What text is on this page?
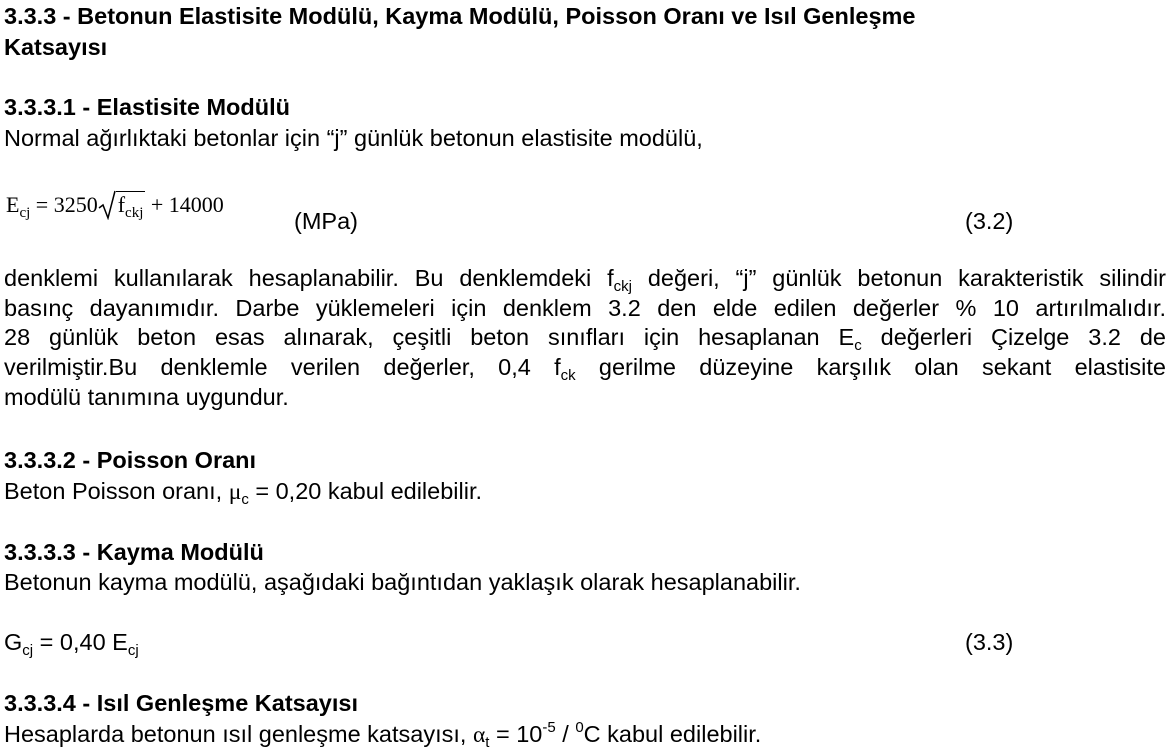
3.3.3 - Betonun Elastisite Modülü, Kayma Modülü, Poisson Oranı ve Isıl Genleşme
Katsayısı
3.3.3.1 - Elastisite Modülü
Normal ağırlıktaki betonlar için “j” günlük betonun elastisite modülü,
$E_{cj} = 3250$ $f_{ckj} + 14000$
(MPa)	(3.2)
denklemi kullanılarak hesaplanabilir. Bu denklemdeki $f_{ckj}$ değeri, “j” günlük betonun karakteristik silindir
basınç dayanımıdır. Darbe yüklemeleri için denklem 3.2 den elde edilen değerler % 10 artırılmalıdır.
28 günlük beton esas alınarak, çeşitli beton sınıfları için hesaplanan $E_c$ değerleri Çizelge 3.2 de
verilmiştir.Bu denklemle verilen değerler, 0,4 $f_{ck}$ gerilme düzeyine karşılık olan sekant elastisite
modülü tanımına uygundur.
3.3.3.2 - Poisson Oranı
Beton Poisson oranı, $\mu_c = 0,20$ kabul edilebilir.
3.3.3.3 - Kayma Modülü
Betonun kayma modülü, aşağıdaki bağıntıdan yaklaşık olarak hesaplanabilir.
$G_{cj} = 0,40$ $E_{cj}$	(3.3)
3.3.3.4 - Isıl Genleşme Katsayısı
Hesaplarda betonun ısıl genleşme katsayısı, $\alpha_t = 10^{-5} / ^0C$ kabul edilebilir.
